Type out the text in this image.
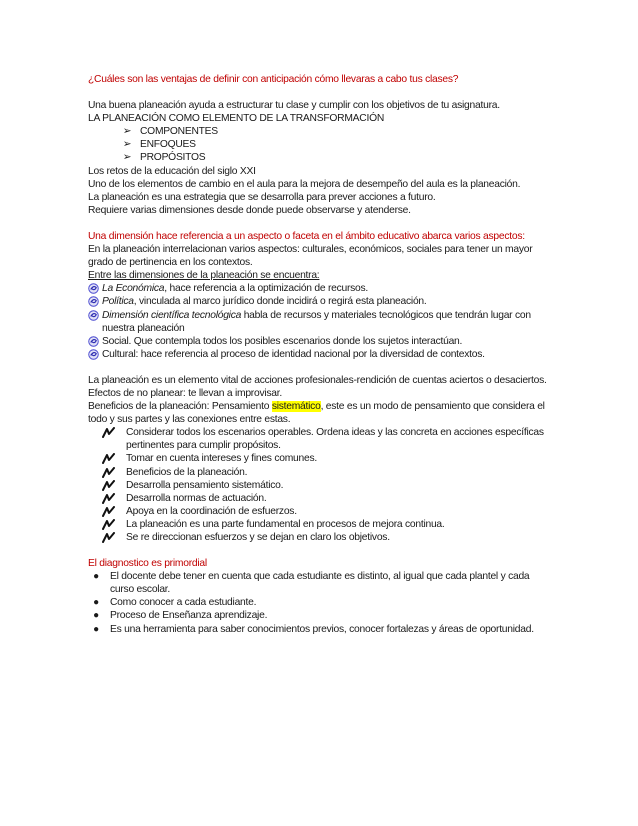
¿Cuáles son las ventajas de definir con anticipación cómo llevaras a cabo tus clases?
Una buena planeación ayuda a estructurar tu clase y cumplir con los objetivos de tu asignatura.
LA PLANEACIÓN COMO ELEMENTO DE LA TRANSFORMACIÓN
➢ COMPONENTES
➢ ENFOQUES
➢ PROPÓSITOS
Los retos de la educación del siglo XXI
Uno de los elementos de cambio en el aula para la mejora de desempeño del aula es la planeación.
La planeación es una estrategia que se desarrolla para prever acciones a futuro.
Requiere varias dimensiones desde donde puede observarse y atenderse.
Una dimensión hace referencia a un aspecto o faceta en el ámbito educativo abarca varios aspectos:
En la planeación interrelacionan varios aspectos: culturales, económicos, sociales para tener un mayor grado de pertinencia en los contextos.
Entre las dimensiones de la planeación se encuentra:
La Económica, hace referencia a la optimización de recursos.
Política, vinculada al marco jurídico donde incidirá o regirá esta planeación.
Dimensión científica tecnológica habla de recursos y materiales tecnológicos que tendrán lugar con nuestra planeación
Social. Que contempla todos los posibles escenarios donde los sujetos interactúan.
Cultural: hace referencia al proceso de identidad nacional por la diversidad de contextos.
La planeación es un elemento vital de acciones profesionales-rendición de cuentas aciertos o desaciertos.
Efectos de no planear: te llevan a improvisar.
Beneficios de la planeación: Pensamiento sistemático, este es un modo de pensamiento que considera el todo y sus partes y las conexiones entre estas.
Considerar todos los escenarios operables. Ordena ideas y las concreta en acciones específicas pertinentes para cumplir propósitos.
Tomar en cuenta intereses y fines comunes.
Beneficios de la planeación.
Desarrolla pensamiento sistemático.
Desarrolla normas de actuación.
Apoya en la coordinación de esfuerzos.
La planeación es una parte fundamental en procesos de mejora continua.
Se re direccionan esfuerzos y se dejan en claro los objetivos.
El diagnostico es primordial
● El docente debe tener en cuenta que cada estudiante es distinto, al igual que cada plantel y cada curso escolar.
● Como conocer a cada estudiante.
● Proceso de Enseñanza aprendizaje.
● Es una herramienta para saber conocimientos previos, conocer fortalezas y áreas de oportunidad.
